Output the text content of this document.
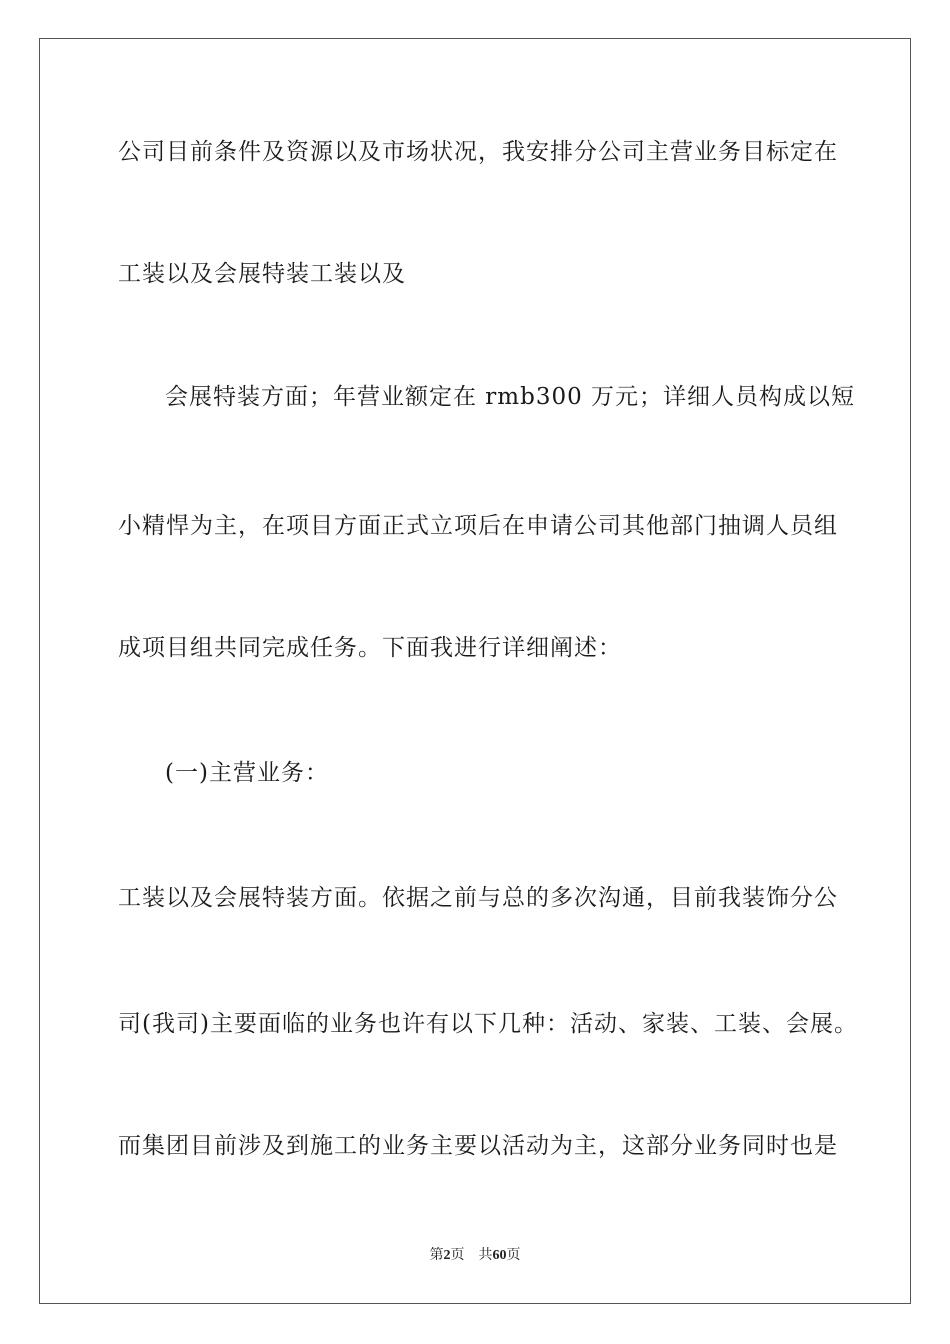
公司目前条件及资源以及市场状况，我安排分公司主营业务目标定在
工装以及会展特装工装以及
会展特装方面；年营业额定在 rmb300 万元；详细人员构成以短
小精悍为主，在项目方面正式立项后在申请公司其他部门抽调人员组
成项目组共同完成任务。下面我进行详细阐述：
(一)主营业务：
工装以及会展特装方面。依据之前与总的多次沟通，目前我装饰分公
司(我司)主要面临的业务也许有以下几种：活动、家装、工装、会展。
而集团目前涉及到施工的业务主要以活动为主，这部分业务同时也是
第2页 共60页
